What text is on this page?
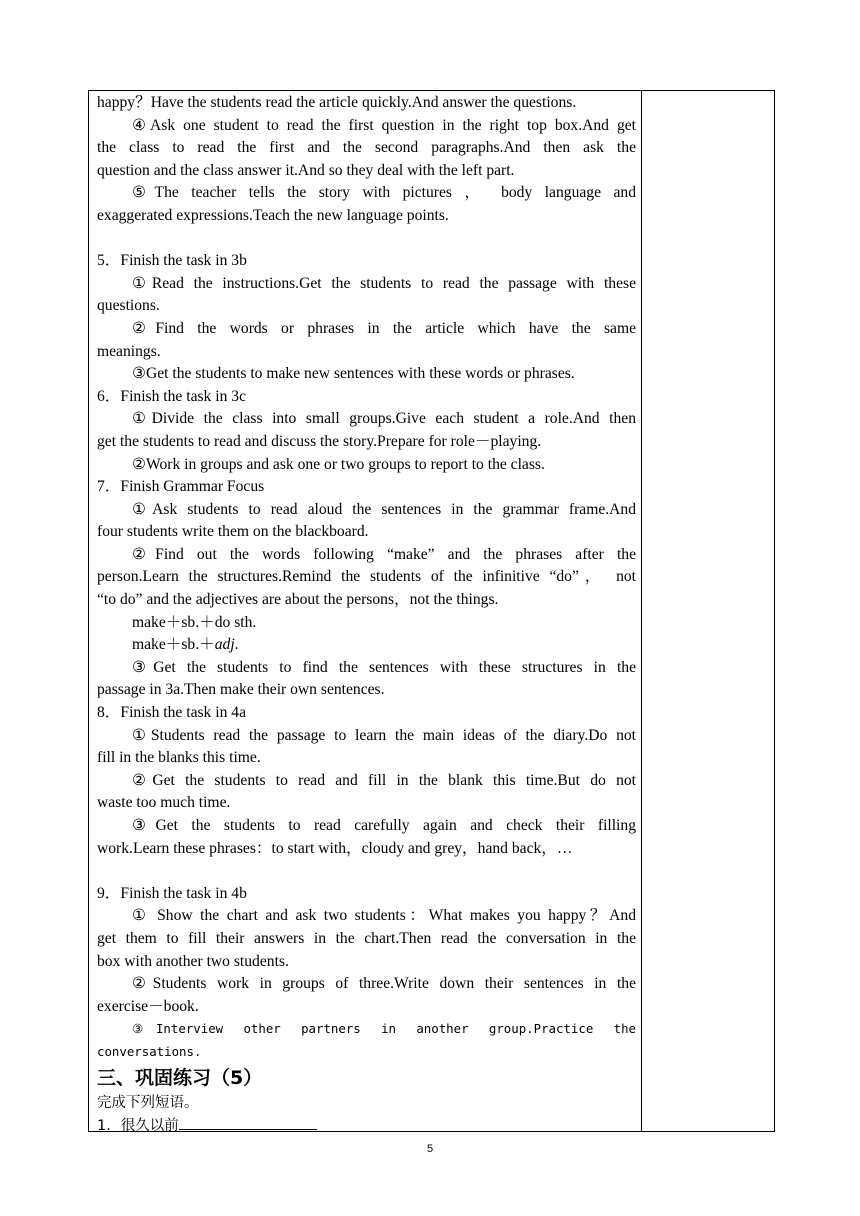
happy？Have the students read the article quickly.And answer the questions.
④Ask one student to read the first question in the right top box.And get
the class to read the first and the second paragraphs.And then ask the
question and the class answer it.And so they deal with the left part.
⑤The teacher tells the story with pictures ， body language and
exaggerated expressions.Teach the new language points.
5．Finish the task in 3b
①Read the instructions.Get the students to read the passage with these
questions.
②Find the words or phrases in the article which have the same
meanings.
③Get the students to make new sentences with these words or phrases.
6．Finish the task in 3c
①Divide the class into small groups.Give each student a role.And then
get the students to read and discuss the story.Prepare for role－playing.
②Work in groups and ask one or two groups to report to the class.
7．Finish Grammar Focus
①Ask students to read aloud the sentences in the grammar frame.And
four students write them on the blackboard.
②Find out the words following “make” and the phrases after the
person.Learn the structures.Remind the students of the infinitive “do”， not
“to do” and the adjectives are about the persons，not the things.
make＋sb.＋do sth.
make＋sb.＋adj.
③Get the students to find the sentences with these structures in the
passage in 3a.Then make their own sentences.
8．Finish the task in 4a
①Students read the passage to learn the main ideas of the diary.Do not
fill in the blanks this time.
②Get the students to read and fill in the blank this time.But do not
waste too much time.
③Get the students to read carefully again and check their filling
work.Learn these phrases：to start with，cloudy and grey，hand back，…
9．Finish the task in 4b
① Show the chart and ask two students：What makes you happy？And
get them to fill their answers in the chart.Then read the conversation in the
box with another two students.
②Students work in groups of three.Write down their sentences in the
exercise－book.
③Interview other partners in another group.Practice the
conversations.
三、巩固练习（5）
完成下列短语。
1．很久以前
5
